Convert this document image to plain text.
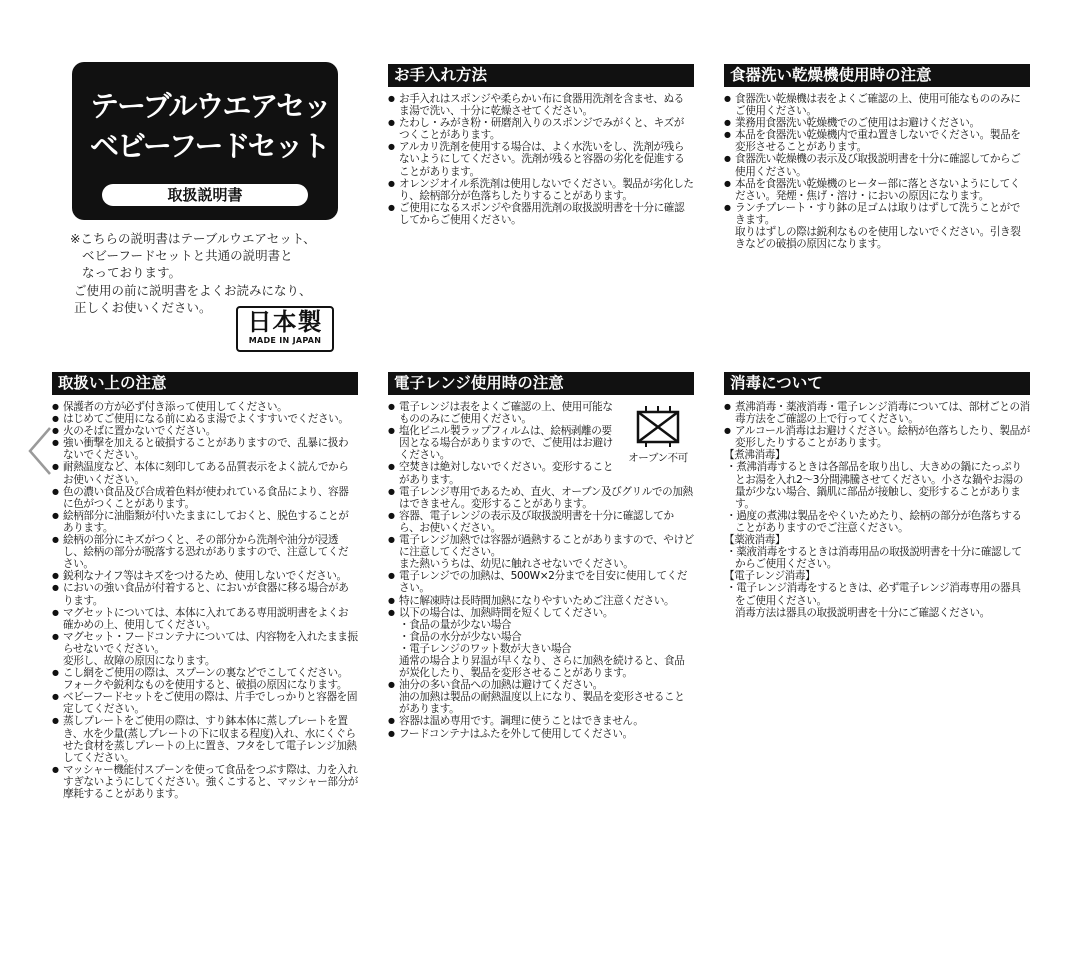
テーブルウエアセット
ベビーフードセット
取扱説明書

※こちらの説明書はテーブルウエアセット、

ベビーフードセットと共通の説明書と

なっております。

ご使用の前に説明書をよくお読みになり、

正しくお使いください。

日本製
MADE IN JAPAN
お手入れ方法

● お手入れはスポンジや柔らかい布に食器用洗剤を含ませ、ぬるま湯で洗い、十分に乾燥させてください。

● たわし・みがき粉・研磨剤入りのスポンジでみがくと、キズがつくことがあります。

● アルカリ洗剤を使用する場合は、よく水洗いをし、洗剤が残らないようにしてください。洗剤が残ると容器の劣化を促進することがあります。

● オレンジオイル系洗剤は使用しないでください。製品が劣化したり、絵柄部分が色落ちしたりすることがあります。

● ご使用になるスポンジや食器用洗剤の取扱説明書を十分に確認してからご使用ください。

食器洗い乾燥機使用時の注意

● 食器洗い乾燥機は表をよくご確認の上、使用可能なもののみにご使用ください。

● 業務用食器洗い乾燥機でのご使用はお避けください。

● 本品を食器洗い乾燥機内で重ね置きしないでください。製品を変形させることがあります。

● 食器洗い乾燥機の表示及び取扱説明書を十分に確認してからご使用ください。

● 本品を食器洗い乾燥機のヒーター部に落とさないようにしてください。発煙・焦げ・溶け・においの原因になります。

● ランチプレート・すり鉢の足ゴムは取りはずして洗うことができます。

取りはずしの際は鋭利なものを使用しないでください。引き裂きなどの破損の原因になります。

取扱い上の注意

● 保護者の方が必ず付き添って使用してください。

● はじめてご使用になる前にぬるま湯でよくすすいでください。

● 火のそばに置かないでください。

● 強い衝撃を加えると破損することがありますので、乱暴に扱わないでください。

● 耐熱温度など、本体に刻印してある品質表示をよく読んでからお使いください。

● 色の濃い食品及び合成着色料が使われている食品により、容器に色がつくことがあります。

● 絵柄部分に油脂類が付いたままにしておくと、脱色することがあります。

● 絵柄の部分にキズがつくと、その部分から洗剤や油分が浸透し、絵柄の部分が脱落する恐れがありますので、注意してください。

● 鋭利なナイフ等はキズをつけるため、使用しないでください。

● においの強い食品が付着すると、においが食器に移る場合があります。

● マグセットについては、本体に入れてある専用説明書をよくお確かめの上、使用してください。

● マグセット・フードコンテナについては、内容物を入れたまま振らせないでください。

変形し、故障の原因になります。

● こし網をご使用の際は、スプーンの裏などでこしてください。フォークや鋭利なものを使用すると、破損の原因になります。

● ベビーフードセットをご使用の際は、片手でしっかりと容器を固定してください。

● 蒸しプレートをご使用の際は、すり鉢本体に蒸しプレートを置き、水を少量(蒸しプレートの下に収まる程度)入れ、水にくぐらせた食材を蒸しプレートの上に置き、フタをして電子レンジ加熱してください。

● マッシャー機能付スプーンを使って食品をつぶす際は、力を入れすぎないようにしてください。強くこすると、マッシャー部分が摩耗することがあります。

電子レンジ使用時の注意
オーブン不可

● 電子レンジは表をよくご確認の上、使用可能なもののみにご使用ください。

● 塩化ビニル製ラップフィルムは、絵柄剥離の要因となる場合がありますので、ご使用はお避けください。

● 空焚きは絶対しないでください。変形することがあります。

● 電子レンジ専用であるため、直火、オーブン及びグリルでの加熱はできません。変形することがあります。

● 容器、電子レンジの表示及び取扱説明書を十分に確認してから、お使いください。

● 電子レンジ加熱では容器が過熱することがありますので、やけどに注意してください。

また熱いうちは、幼児に触れさせないでください。

● 電子レンジでの加熱は、500W×2分までを目安に使用してください。

● 特に解凍時は長時間加熱になりやすいためご注意ください。

● 以下の場合は、加熱時間を短くしてください。

・食品の量が少ない場合

・食品の水分が少ない場合

・電子レンジのワット数が大きい場合

通常の場合より昇温が早くなり、さらに加熱を続けると、食品が炭化したり、製品を変形させることがあります。

● 油分の多い食品への加熱は避けてください。

油の加熱は製品の耐熱温度以上になり、製品を変形させることがあります。

● 容器は温め専用です。調理に使うことはできません。

● フードコンテナはふたを外して使用してください。

消毒について

● 煮沸消毒・薬液消毒・電子レンジ消毒については、部材ごとの消毒方法をご確認の上で行ってください。

● アルコール消毒はお避けください。絵柄が色落ちしたり、製品が変形したりすることがあります。

【煮沸消毒】

・煮沸消毒するときは各部品を取り出し、大きめの鍋にたっぷりとお湯を入れ2～3分間沸騰させてください。小さな鍋やお湯の量が少ない場合、鍋肌に部品が接触し、変形することがあります。

・過度の煮沸は製品をやくいためたり、絵柄の部分が色落ちすることがありますのでご注意ください。

【薬液消毒】

・薬液消毒をするときは消毒用品の取扱説明書を十分に確認してからご使用ください。

【電子レンジ消毒】

・電子レンジ消毒をするときは、必ず電子レンジ消毒専用の器具をご使用ください。

消毒方法は器具の取扱説明書を十分にご確認ください。
